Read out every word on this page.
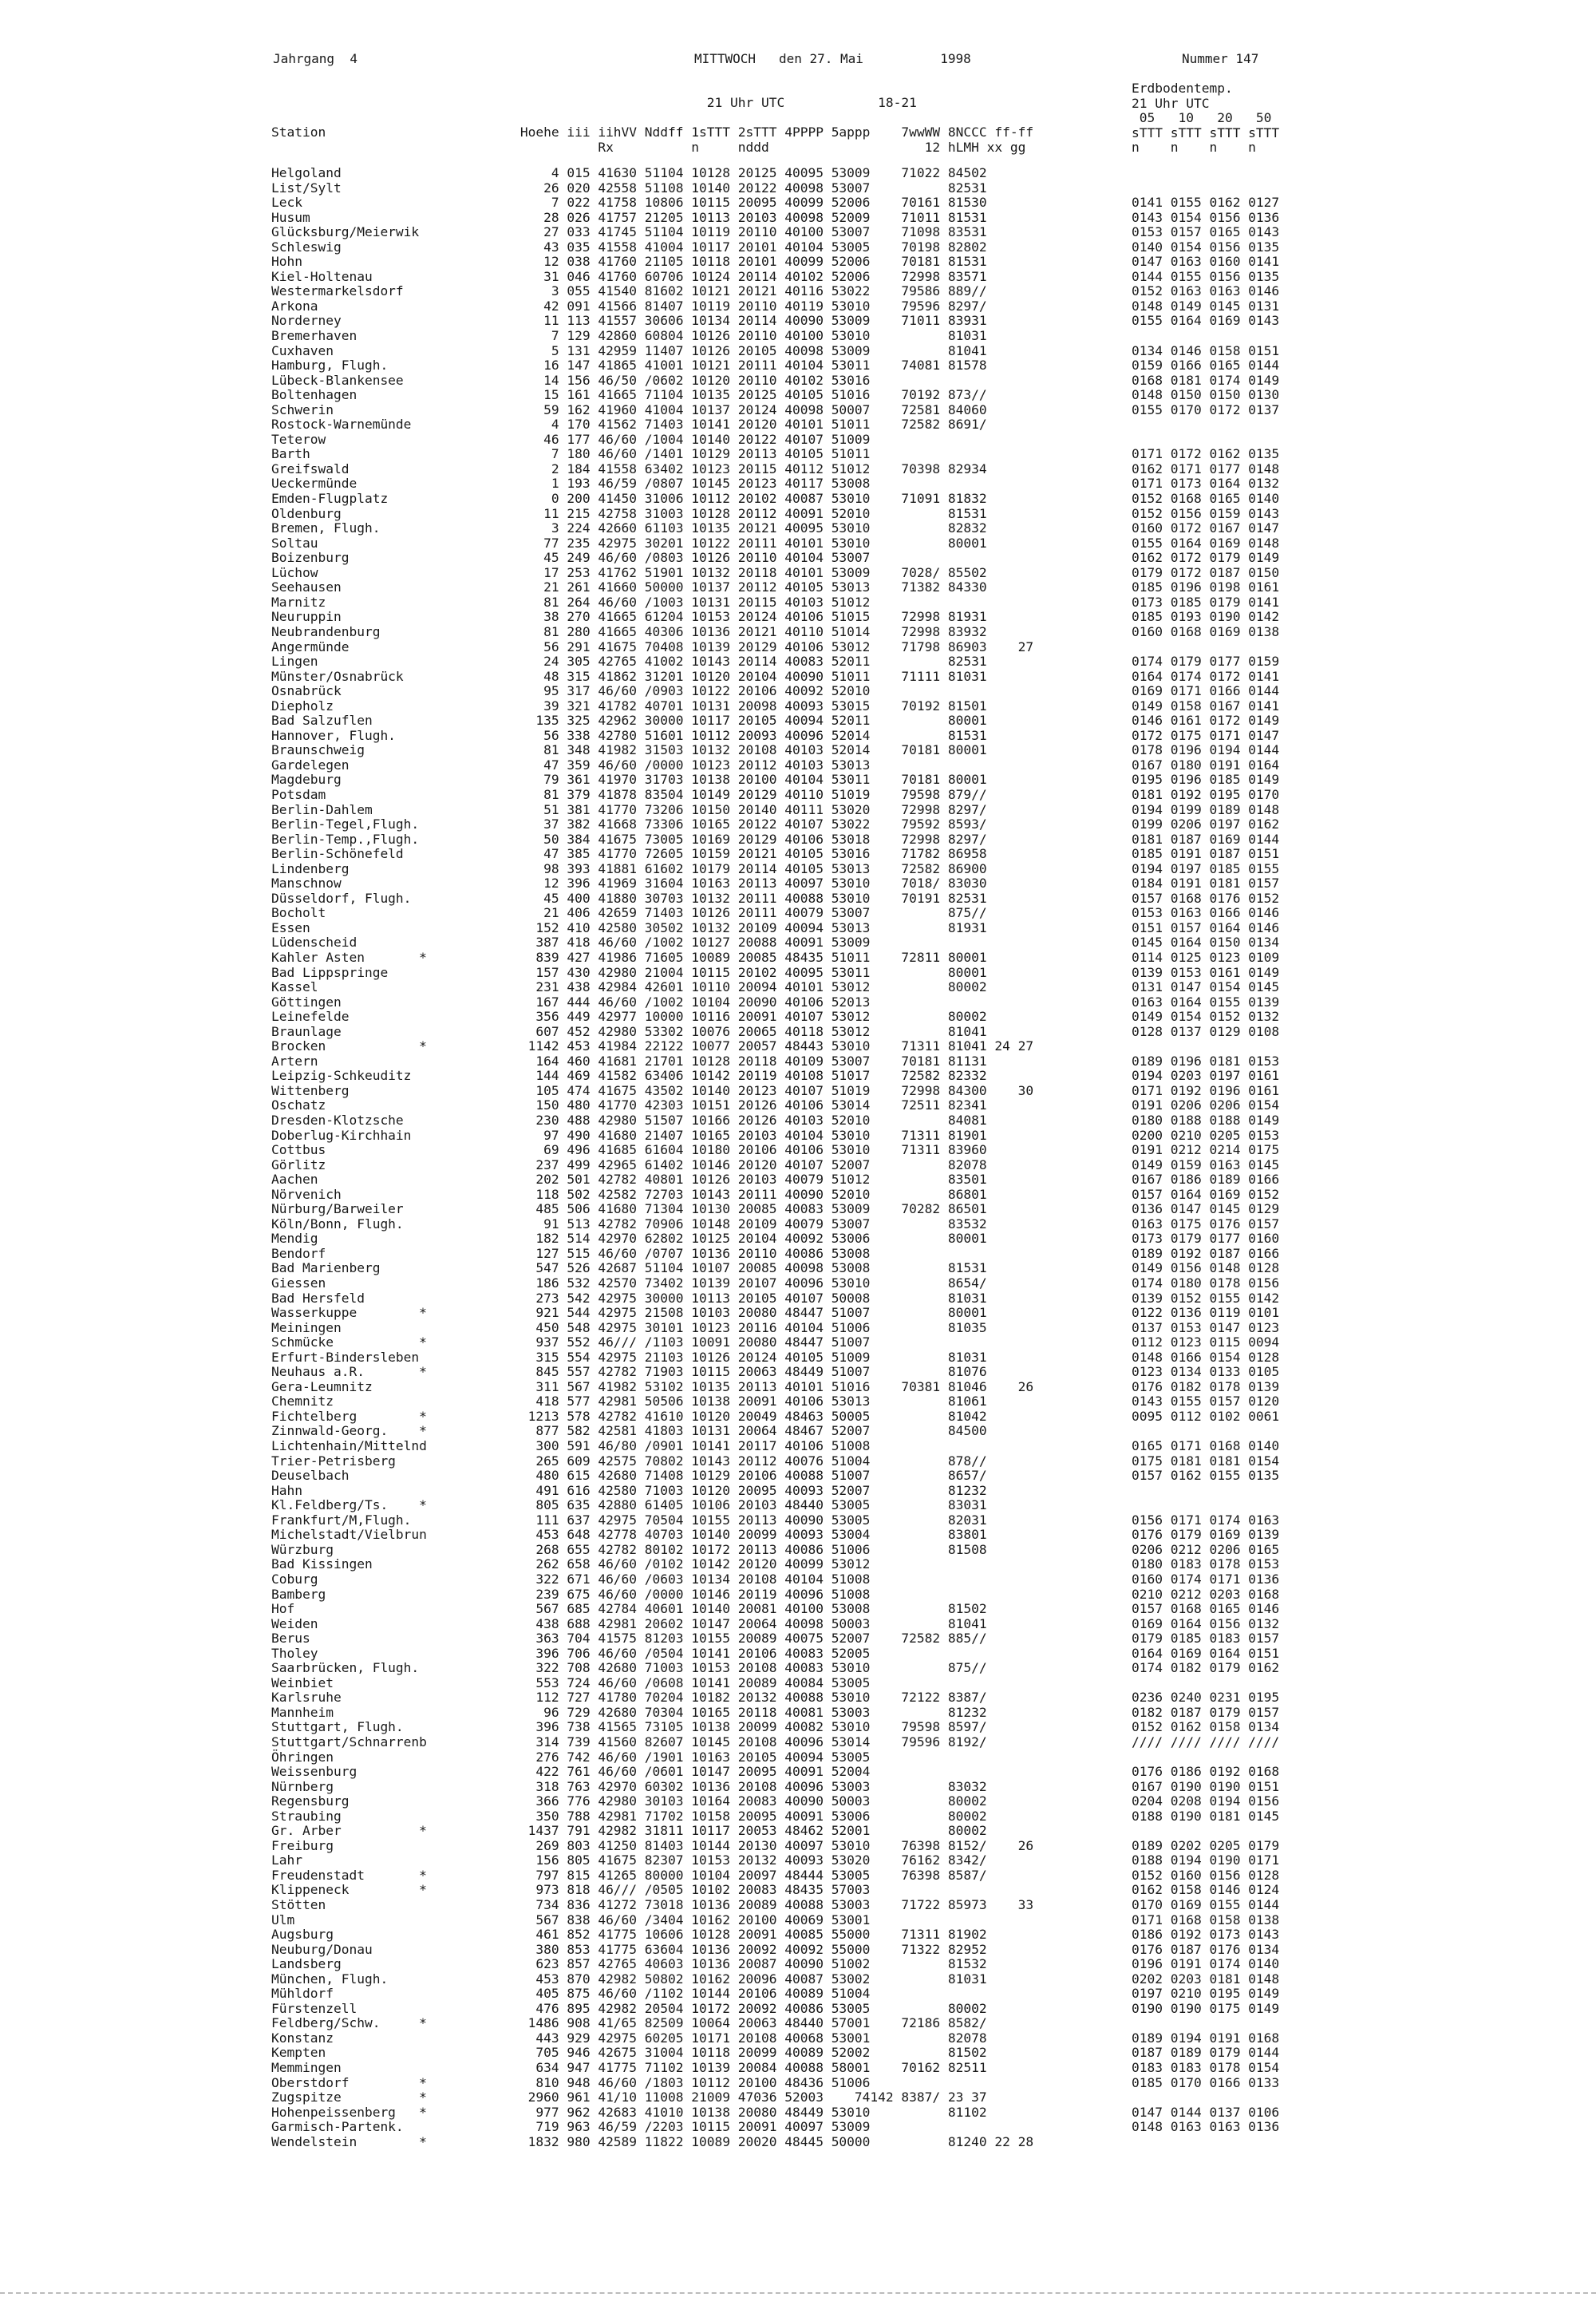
Jahrgang  4	MITTWOCH   den 27. Mai          1998	Nummer 147
21 Uhr UTC            18-21

Station                         Hoehe iii iihVV Nddff 1sTTT 2sTTT 4PPPP 5appp    7wwWW 8NCCC ff-ff
Rx          n     nddd                    12 hLMH xx gg
Erdbodentemp.
21 Uhr UTC
05   10   20   50
sTTT sTTT sTTT sTTT
n    n    n    n
Helgoland                           4 015 41630 51104 10128 20125 40095 53009    71022 84502
List/Sylt                          26 020 42558 51108 10140 20122 40098 53007          82531
Leck                                7 022 41758 10806 10115 20095 40099 52006    70161 81530
Husum                              28 026 41757 21205 10113 20103 40098 52009    71011 81531
Glücksburg/Meierwik                27 033 41745 51104 10119 20110 40100 53007    71098 83531
Schleswig                          43 035 41558 41004 10117 20101 40104 53005    70198 82802
Hohn                               12 038 41760 21105 10118 20101 40099 52006    70181 81531
Kiel-Holtenau                      31 046 41760 60706 10124 20114 40102 52006    72998 83571
Westermarkelsdorf                   3 055 41540 81602 10121 20121 40116 53022    79586 889//
Arkona                             42 091 41566 81407 10119 20110 40119 53010    79596 8297/
Norderney                          11 113 41557 30606 10134 20114 40090 53009    71011 83931
Bremerhaven                         7 129 42860 60804 10126 20110 40100 53010          81031
Cuxhaven                            5 131 42959 11407 10126 20105 40098 53009          81041
Hamburg, Flugh.                    16 147 41865 41001 10121 20111 40104 53011    74081 81578
Lübeck-Blankensee                  14 156 46/50 /0602 10120 20110 40102 53016
Boltenhagen                        15 161 41665 71104 10135 20125 40105 51016    70192 873//
Schwerin                           59 162 41960 41004 10137 20124 40098 50007    72581 84060
Rostock-Warnemünde                  4 170 41562 71403 10141 20120 40101 51011    72582 8691/
Teterow                            46 177 46/60 /1004 10140 20122 40107 51009
Barth                               7 180 46/60 /1401 10129 20113 40105 51011
Greifswald                          2 184 41558 63402 10123 20115 40112 51012    70398 82934
Ueckermünde                         1 193 46/59 /0807 10145 20123 40117 53008
Emden-Flugplatz                     0 200 41450 31006 10112 20102 40087 53010    71091 81832
Oldenburg                          11 215 42758 31003 10128 20112 40091 52010          81531
Bremen, Flugh.                      3 224 42660 61103 10135 20121 40095 53010          82832
Soltau                             77 235 42975 30201 10122 20111 40101 53010          80001
Boizenburg                         45 249 46/60 /0803 10126 20110 40104 53007
Lüchow                             17 253 41762 51901 10132 20118 40101 53009    7028/ 85502
Seehausen                          21 261 41660 50000 10137 20112 40105 53013    71382 84330
Marnitz                            81 264 46/60 /1003 10131 20115 40103 51012
Neuruppin                          38 270 41665 61204 10153 20124 40106 51015    72998 81931
Neubrandenburg                     81 280 41665 40306 10136 20121 40110 51014    72998 83932
Angermünde                         56 291 41675 70408 10139 20129 40106 53012    71798 86903    27
Lingen                             24 305 42765 41002 10143 20114 40083 52011          82531
Münster/Osnabrück                  48 315 41862 31201 10120 20104 40090 51011    71111 81031
Osnabrück                          95 317 46/60 /0903 10122 20106 40092 52010
Diepholz                           39 321 41782 40701 10131 20098 40093 53015    70192 81501
Bad Salzuflen                     135 325 42962 30000 10117 20105 40094 52011          80001
Hannover, Flugh.                   56 338 42780 51601 10112 20093 40096 52014          81531
Braunschweig                       81 348 41982 31503 10132 20108 40103 52014    70181 80001
Gardelegen                         47 359 46/60 /0000 10123 20112 40103 53013
Magdeburg                          79 361 41970 31703 10138 20100 40104 53011    70181 80001
Potsdam                            81 379 41878 83504 10149 20129 40110 51019    79598 879//
Berlin-Dahlem                      51 381 41770 73206 10150 20140 40111 53020    72998 8297/
Berlin-Tegel,Flugh.                37 382 41668 73306 10165 20122 40107 53022    79592 8593/
Berlin-Temp.,Flugh.                50 384 41675 73005 10169 20129 40106 53018    72998 8297/
Berlin-Schönefeld                  47 385 41770 72605 10159 20121 40105 53016    71782 86958
Lindenberg                         98 393 41881 61602 10179 20114 40105 53013    72582 86900
Manschnow                          12 396 41969 31604 10163 20113 40097 53010    7018/ 83030
Düsseldorf, Flugh.                 45 400 41880 30703 10132 20111 40088 53010    70191 82531
Bocholt                            21 406 42659 71403 10126 20111 40079 53007          875//
Essen                             152 410 42580 30502 10132 20109 40094 53013          81931
Lüdenscheid                       387 418 46/60 /1002 10127 20088 40091 53009
Kahler Asten       *              839 427 41986 71605 10089 20085 48435 51011    72811 80001
Bad Lippspringe                   157 430 42980 21004 10115 20102 40095 53011          80001
Kassel                            231 438 42984 42601 10110 20094 40101 53012          80002
Göttingen                         167 444 46/60 /1002 10104 20090 40106 52013
Leinefelde                        356 449 42977 10000 10116 20091 40107 53012          80002
Braunlage                         607 452 42980 53302 10076 20065 40118 53012          81041
Brocken            *             1142 453 41984 22122 10077 20057 48443 53010    71311 81041 24 27
Artern                            164 460 41681 21701 10128 20118 40109 53007    70181 81131
Leipzig-Schkeuditz                144 469 41582 63406 10142 20119 40108 51017    72582 82332
Wittenberg                        105 474 41675 43502 10140 20123 40107 51019    72998 84300    30
Oschatz                           150 480 41770 42303 10151 20126 40106 53014    72511 82341
Dresden-Klotzsche                 230 488 42980 51507 10166 20126 40103 52010          84081
Doberlug-Kirchhain                 97 490 41680 21407 10165 20103 40104 53010    71311 81901
Cottbus                            69 496 41685 61604 10180 20106 40106 53010    71311 83960
Görlitz                           237 499 42965 61402 10146 20120 40107 52007          82078
Aachen                            202 501 42782 40801 10126 20103 40079 51012          83501
Nörvenich                         118 502 42582 72703 10143 20111 40090 52010          86801
Nürburg/Barweiler                 485 506 41680 71304 10130 20085 40083 53009    70282 86501
Köln/Bonn, Flugh.                  91 513 42782 70906 10148 20109 40079 53007          83532
Mendig                            182 514 42970 62802 10125 20104 40092 53006          80001
Bendorf                           127 515 46/60 /0707 10136 20110 40086 53008
Bad Marienberg                    547 526 42687 51104 10107 20085 40098 53008          81531
Giessen                           186 532 42570 73402 10139 20107 40096 53010          8654/
Bad Hersfeld                      273 542 42975 30000 10113 20105 40107 50008          81031
Wasserkuppe        *              921 544 42975 21508 10103 20080 48447 51007          80001
Meiningen                         450 548 42975 30101 10123 20116 40104 51006          81035
Schmücke           *              937 552 46/// /1103 10091 20080 48447 51007
Erfurt-Bindersleben               315 554 42975 21103 10126 20124 40105 51009          81031
Neuhaus a.R.       *              845 557 42782 71903 10115 20063 48449 51007          81076
Gera-Leumnitz                     311 567 41982 53102 10135 20113 40101 51016    70381 81046    26
Chemnitz                          418 577 42981 50506 10138 20091 40106 53013          81061
Fichtelberg        *             1213 578 42782 41610 10120 20049 48463 50005          81042
Zinnwald-Georg.    *              877 582 42581 41803 10131 20064 48467 52007          84500
Lichtenhain/Mittelnd              300 591 46/80 /0901 10141 20117 40106 51008
Trier-Petrisberg                  265 609 42575 70802 10143 20112 40076 51004          878//
Deuselbach                        480 615 42680 71408 10129 20106 40088 51007          8657/
Hahn                              491 616 42580 71003 10120 20095 40093 52007          81232
Kl.Feldberg/Ts.    *              805 635 42880 61405 10106 20103 48440 53005          83031
Frankfurt/M,Flugh.                111 637 42975 70504 10155 20113 40090 53005          82031
Michelstadt/Vielbrun              453 648 42778 40703 10140 20099 40093 53004          83801
Würzburg                          268 655 42782 80102 10172 20113 40086 51006          81508
Bad Kissingen                     262 658 46/60 /0102 10142 20120 40099 53012
Coburg                            322 671 46/60 /0603 10134 20108 40104 51008
Bamberg                           239 675 46/60 /0000 10146 20119 40096 51008
Hof                               567 685 42784 40601 10140 20081 40100 53008          81502
Weiden                            438 688 42981 20602 10147 20064 40098 50003          81041
Berus                             363 704 41575 81203 10155 20089 40075 52007    72582 885//
Tholey                            396 706 46/60 /0504 10141 20106 40083 52005
Saarbrücken, Flugh.               322 708 42680 71003 10153 20108 40083 53010          875//
Weinbiet                          553 724 46/60 /0608 10141 20089 40084 53005
Karlsruhe                         112 727 41780 70204 10182 20132 40088 53010    72122 8387/
Mannheim                           96 729 42680 70304 10165 20118 40081 53003          81232
Stuttgart, Flugh.                 396 738 41565 73105 10138 20099 40082 53010    79598 8597/
Stuttgart/Schnarrenb              314 739 41560 82607 10145 20108 40096 53014    79596 8192/
Öhringen                          276 742 46/60 /1901 10163 20105 40094 53005
Weissenburg                       422 761 46/60 /0601 10147 20095 40091 52004
Nürnberg                          318 763 42970 60302 10136 20108 40096 53003          83032
Regensburg                        366 776 42980 30103 10164 20083 40090 50003          80002
Straubing                         350 788 42981 71702 10158 20095 40091 53006          80002
Gr. Arber          *             1437 791 42982 31811 10117 20053 48462 52001          80002
Freiburg                          269 803 41250 81403 10144 20130 40097 53010    76398 8152/    26
Lahr                              156 805 41675 82307 10153 20132 40093 53020    76162 8342/
Freudenstadt       *              797 815 41265 80000 10104 20097 48444 53005    76398 8587/
Klippeneck         *              973 818 46/// /0505 10102 20083 48435 57003
Stötten                           734 836 41272 73018 10136 20089 40088 53003    71722 85973    33
Ulm                               567 838 46/60 /3404 10162 20100 40069 53001
Augsburg                          461 852 41775 10606 10128 20091 40085 55000    71311 81902
Neuburg/Donau                     380 853 41775 63604 10136 20092 40092 55000    71322 82952
Landsberg                         623 857 42765 40603 10136 20087 40090 51002          81532
München, Flugh.                   453 870 42982 50802 10162 20096 40087 53002          81031
Mühldorf                          405 875 46/60 /1102 10144 20106 40089 51004
Fürstenzell                       476 895 42982 20504 10172 20092 40086 53005          80002
Feldberg/Schw.     *             1486 908 41/65 82509 10064 20063 48440 57001    72186 8582/
Konstanz                          443 929 42975 60205 10171 20108 40068 53001          82078
Kempten                           705 946 42675 31004 10118 20099 40089 52002          81502
Memmingen                         634 947 41775 71102 10139 20084 40088 58001    70162 82511
Oberstdorf         *              810 948 46/60 /1803 10112 20100 48436 51006
Zugspitze          *             2960 961 41/10 11008 21009 47036 52003    74142 8387/ 23 37
Hohenpeissenberg   *              977 962 42683 41010 10138 20080 48449 53010          81102
Garmisch-Partenk.                 719 963 46/59 /2203 10115 20091 40097 53009
Wendelstein        *             1832 980 42589 11822 10089 20020 48445 50000          81240 22 28

0141 0155 0162 0127
0143 0154 0156 0136
0153 0157 0165 0143
0140 0154 0156 0135
0147 0163 0160 0141
0144 0155 0156 0135
0152 0163 0163 0146
0148 0149 0145 0131
0155 0164 0169 0143

0134 0146 0158 0151
0159 0166 0165 0144
0168 0181 0174 0149
0148 0150 0150 0130
0155 0170 0172 0137

0171 0172 0162 0135
0162 0171 0177 0148
0171 0173 0164 0132
0152 0168 0165 0140
0152 0156 0159 0143
0160 0172 0167 0147
0155 0164 0169 0148
0162 0172 0179 0149
0179 0172 0187 0150
0185 0196 0198 0161
0173 0185 0179 0141
0185 0193 0190 0142
0160 0168 0169 0138

0174 0179 0177 0159
0164 0174 0172 0141
0169 0171 0166 0144
0149 0158 0167 0141
0146 0161 0172 0149
0172 0175 0171 0147
0178 0196 0194 0144
0167 0180 0191 0164
0195 0196 0185 0149
0181 0192 0195 0170
0194 0199 0189 0148
0199 0206 0197 0162
0181 0187 0169 0144
0185 0191 0187 0151
0194 0197 0185 0155
0184 0191 0181 0157
0157 0168 0176 0152
0153 0163 0166 0146
0151 0157 0164 0146
0145 0164 0150 0134
0114 0125 0123 0109
0139 0153 0161 0149
0131 0147 0154 0145
0163 0164 0155 0139
0149 0154 0152 0132
0128 0137 0129 0108

0189 0196 0181 0153
0194 0203 0197 0161
0171 0192 0196 0161
0191 0206 0206 0154
0180 0188 0188 0149
0200 0210 0205 0153
0191 0212 0214 0175
0149 0159 0163 0145
0167 0186 0189 0166
0157 0164 0169 0152
0136 0147 0145 0129
0163 0175 0176 0157
0173 0179 0177 0160
0189 0192 0187 0166
0149 0156 0148 0128
0174 0180 0178 0156
0139 0152 0155 0142
0122 0136 0119 0101
0137 0153 0147 0123
0112 0123 0115 0094
0148 0166 0154 0128
0123 0134 0133 0105
0176 0182 0178 0139
0143 0155 0157 0120
0095 0112 0102 0061

0165 0171 0168 0140
0175 0181 0181 0154
0157 0162 0155 0135

0156 0171 0174 0163
0176 0179 0169 0139
0206 0212 0206 0165
0180 0183 0178 0153
0160 0174 0171 0136
0210 0212 0203 0168
0157 0168 0165 0146
0169 0164 0156 0132
0179 0185 0183 0157
0164 0169 0164 0151
0174 0182 0179 0162

0236 0240 0231 0195
0182 0187 0179 0157
0152 0162 0158 0134
//// //// //// ////

0176 0186 0192 0168
0167 0190 0190 0151
0204 0208 0194 0156
0188 0190 0181 0145

0189 0202 0205 0179
0188 0194 0190 0171
0152 0160 0156 0128
0162 0158 0146 0124
0170 0169 0155 0144
0171 0168 0158 0138
0186 0192 0173 0143
0176 0187 0176 0134
0196 0191 0174 0140
0202 0203 0181 0148
0197 0210 0195 0149
0190 0190 0175 0149

0189 0194 0191 0168
0187 0189 0179 0144
0183 0183 0178 0154
0185 0170 0166 0133

0147 0144 0137 0106
0148 0163 0163 0136
